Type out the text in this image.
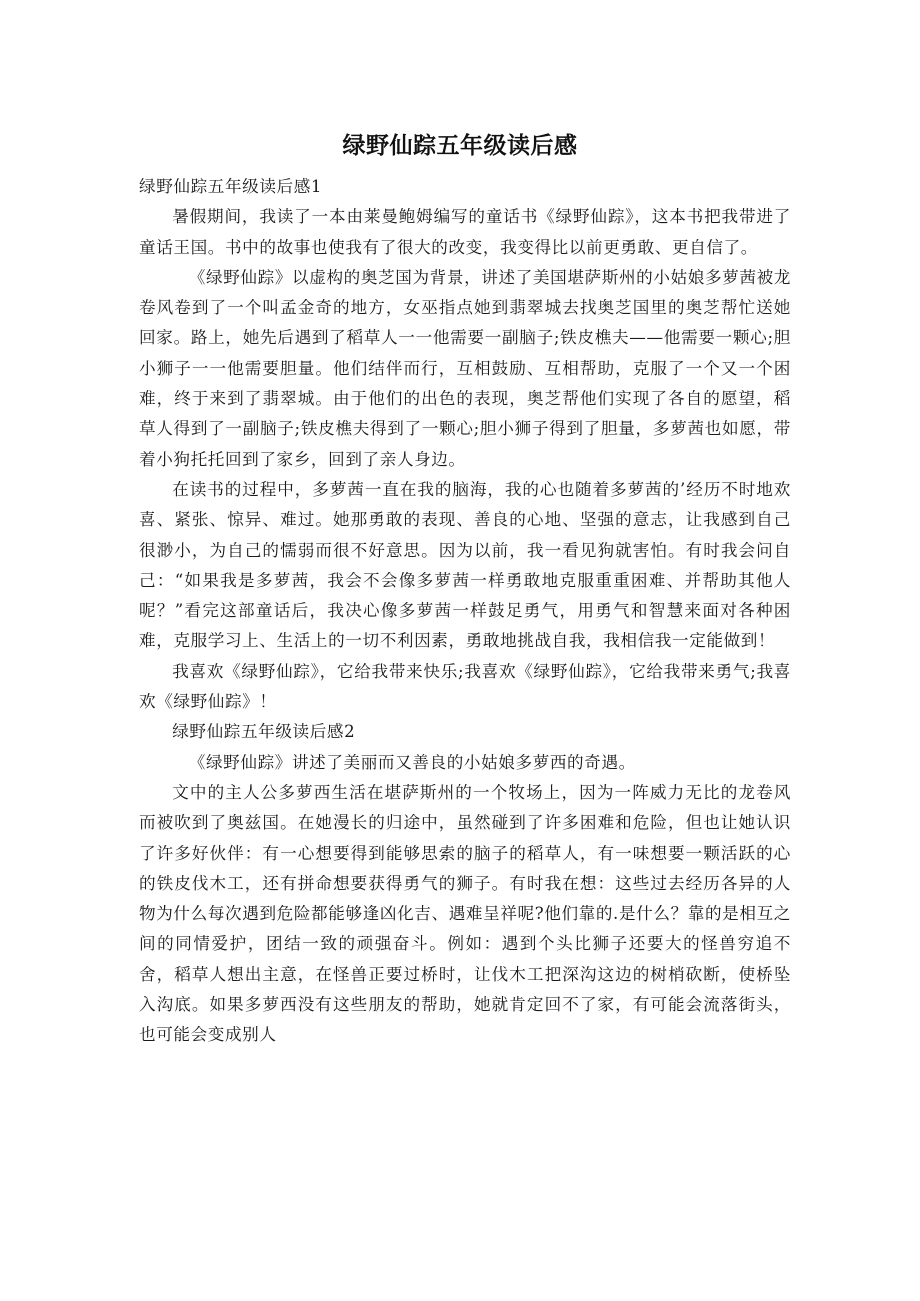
绿野仙踪五年级读后感

绿野仙踪五年级读后感1

暑假期间，我读了一本由莱曼鲍姆编写的童话书《绿野仙踪》，这本书把我带进了童话王国。书中的故事也使我有了很大的改变，我变得比以前更勇敢、更自信了。

《绿野仙踪》以虚构的奥芝国为背景，讲述了美国堪萨斯州的小姑娘多萝茜被龙卷风卷到了一个叫孟金奇的地方，女巫指点她到翡翠城去找奥芝国里的奥芝帮忙送她回家。路上，她先后遇到了稻草人一一他需要一副脑子;铁皮樵夫——他需要一颗心;胆小狮子一一他需要胆量。他们结伴而行，互相鼓励、互相帮助，克服了一个又一个困难，终于来到了翡翠城。由于他们的出色的表现，奥芝帮他们实现了各自的愿望，稻草人得到了一副脑子;铁皮樵夫得到了一颗心;胆小狮子得到了胆量，多萝茜也如愿，带着小狗托托回到了家乡，回到了亲人身边。

在读书的过程中，多萝茜一直在我的脑海，我的心也随着多萝茜的’经历不时地欢喜、紧张、惊异、难过。她那勇敢的表现、善良的心地、坚强的意志，让我感到自己很渺小，为自己的懦弱而很不好意思。因为以前，我一看见狗就害怕。有时我会问自己：“如果我是多萝茜，我会不会像多萝茜一样勇敢地克服重重困难、并帮助其他人呢？”看完这部童话后，我决心像多萝茜一样鼓足勇气，用勇气和智慧来面对各种困难，克服学习上、生活上的一切不利因素，勇敢地挑战自我，我相信我一定能做到！

我喜欢《绿野仙踪》，它给我带来快乐;我喜欢《绿野仙踪》，它给我带来勇气;我喜欢《绿野仙踪》！

绿野仙踪五年级读后感2

《绿野仙踪》讲述了美丽而又善良的小姑娘多萝西的奇遇。

文中的主人公多萝西生活在堪萨斯州的一个牧场上，因为一阵威力无比的龙卷风而被吹到了奥兹国。在她漫长的归途中，虽然碰到了许多困难和危险，但也让她认识了许多好伙伴：有一心想要得到能够思索的脑子的稻草人，有一味想要一颗活跃的心的铁皮伐木工，还有拼命想要获得勇气的狮子。有时我在想：这些过去经历各异的人物为什么每次遇到危险都能够逢凶化吉、遇难呈祥呢?他们靠的.是什么？靠的是相互之间的同情爱护，团结一致的顽强奋斗。例如：遇到个头比狮子还要大的怪兽穷追不舍，稻草人想出主意，在怪兽正要过桥时，让伐木工把深沟这边的树梢砍断，使桥坠入沟底。如果多萝西没有这些朋友的帮助，她就肯定回不了家，有可能会流落街头，也可能会变成别人
